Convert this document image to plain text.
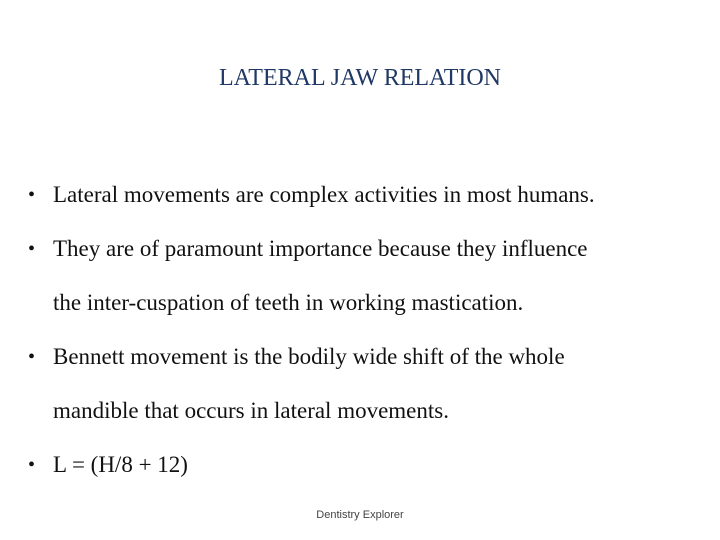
LATERAL JAW RELATION
• Lateral movements are complex activities in most humans.
• They are of paramount importance because they influence
the inter-cuspation of teeth in working mastication.
• Bennett movement is the bodily wide shift of the whole
mandible that occurs in lateral movements.
• L = (H/8 + 12)
Dentistry Explorer
